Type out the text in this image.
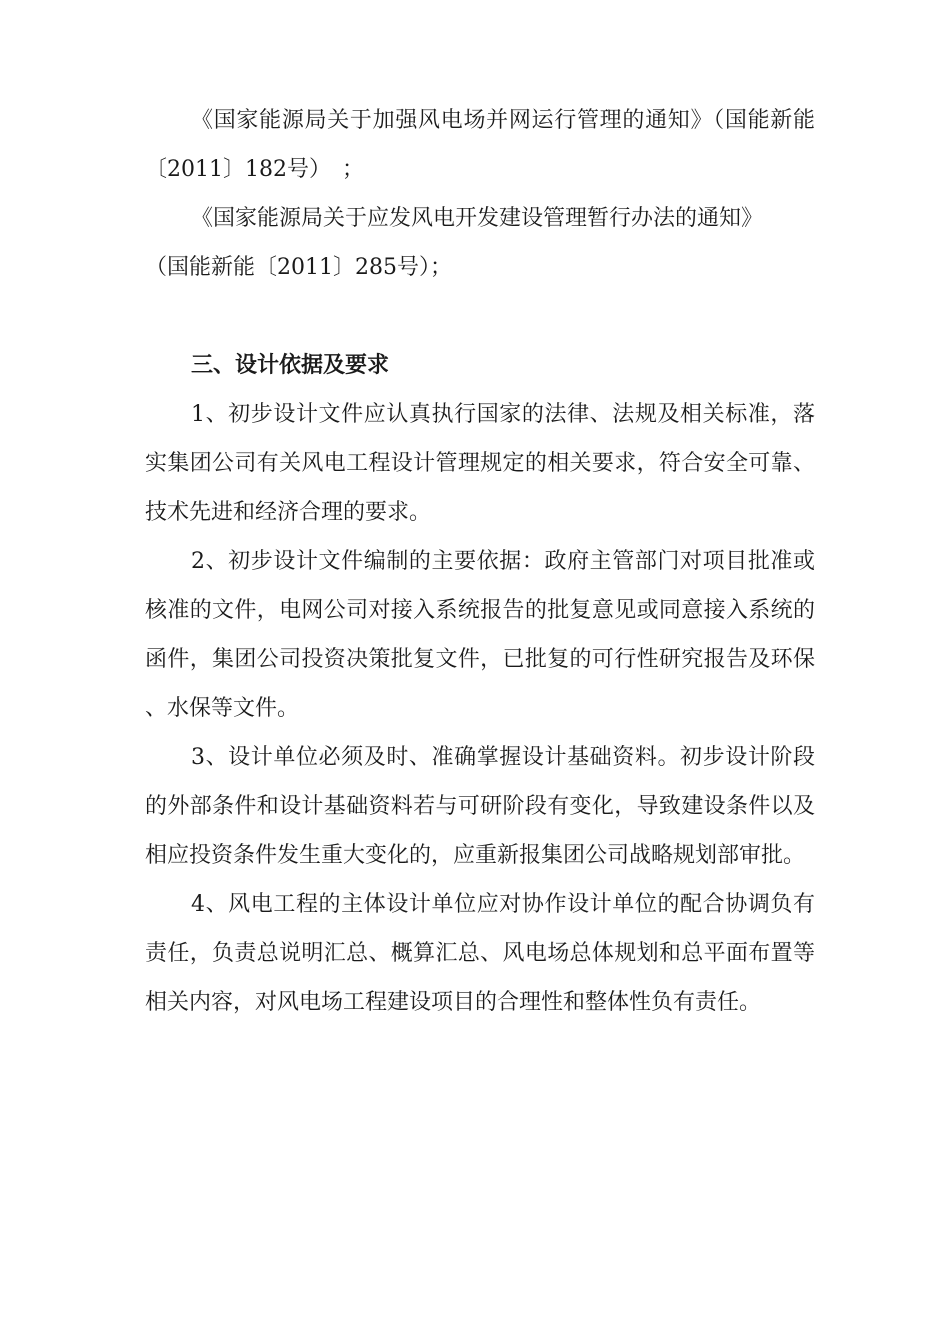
《国家能源局关于加强风电场并网运行管理的通知》（国能新能〔2011〕182号）　；

《国家能源局关于应发风电开发建设管理暂行办法的通知》
（国能新能〔2011〕285号）；

三、设计依据及要求

1、初步设计文件应认真执行国家的法律、法规及相关标准，落实集团公司有关风电工程设计管理规定的相关要求，符合安全可靠、技术先进和经济合理的要求。

2、初步设计文件编制的主要依据：政府主管部门对项目批准或核准的文件，电网公司对接入系统报告的批复意见或同意接入系统的函件，集团公司投资决策批复文件，已批复的可行性研究报告及环保、水保等文件。

3、设计单位必须及时、准确掌握设计基础资料。初步设计阶段的外部条件和设计基础资料若与可研阶段有变化，导致建设条件以及相应投资条件发生重大变化的，应重新报集团公司战略规划部审批。

4、风电工程的主体设计单位应对协作设计单位的配合协调负有责任，负责总说明汇总、概算汇总、风电场总体规划和总平面布置等相关内容，对风电场工程建设项目的合理性和整体性负有责任。
